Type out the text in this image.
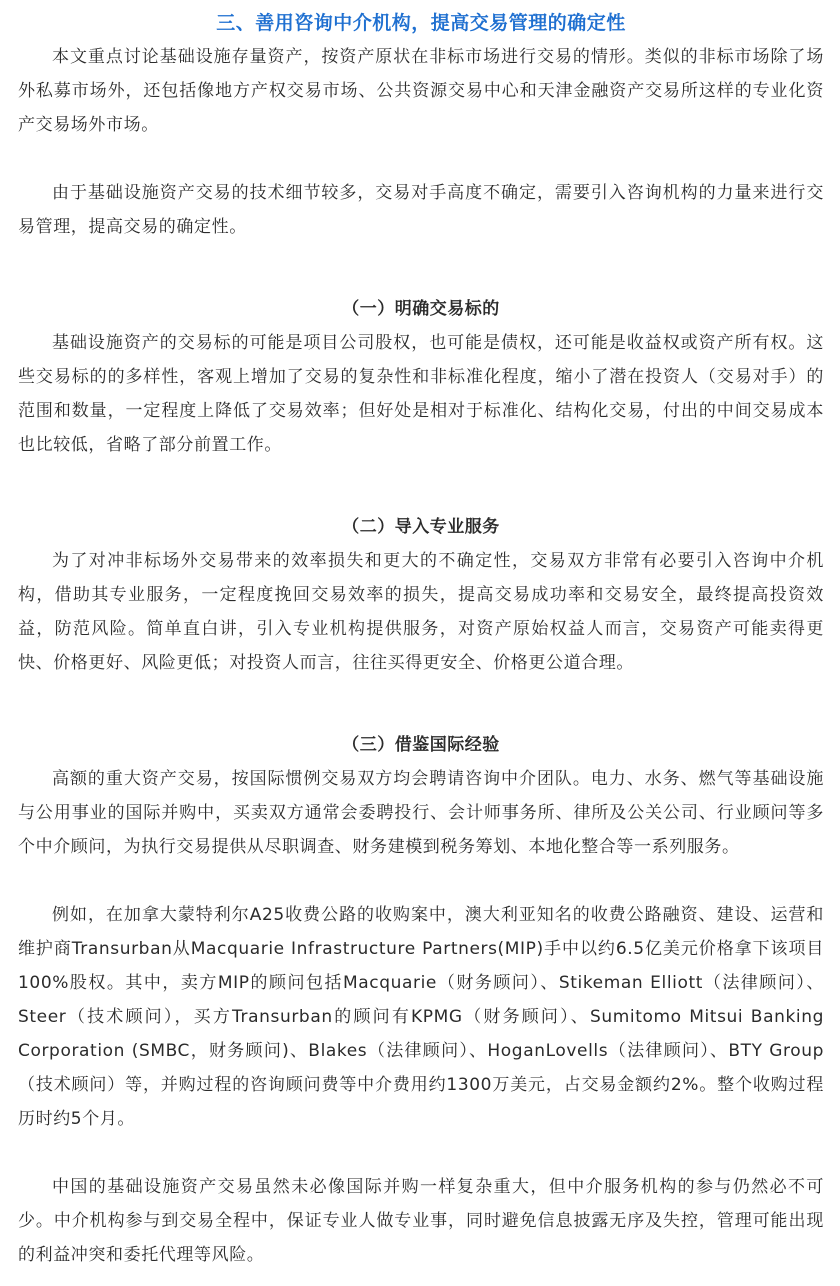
三、善用咨询中介机构，提高交易管理的确定性

本文重点讨论基础设施存量资产，按资产原状在非标市场进行交易的情形。类似的非标市场除了场外私募市场外，还包括像地方产权交易市场、公共资源交易中心和天津金融资产交易所这样的专业化资产交易场外市场。

由于基础设施资产交易的技术细节较多，交易对手高度不确定，需要引入咨询机构的力量来进行交易管理，提高交易的确定性。

（一）明确交易标的

基础设施资产的交易标的可能是项目公司股权，也可能是债权，还可能是收益权或资产所有权。这些交易标的的多样性，客观上增加了交易的复杂性和非标准化程度，缩小了潜在投资人（交易对手）的范围和数量，一定程度上降低了交易效率；但好处是相对于标准化、结构化交易，付出的中间交易成本也比较低，省略了部分前置工作。

（二）导入专业服务

为了对冲非标场外交易带来的效率损失和更大的不确定性，交易双方非常有必要引入咨询中介机构，借助其专业服务，一定程度挽回交易效率的损失，提高交易成功率和交易安全，最终提高投资效益，防范风险。简单直白讲，引入专业机构提供服务，对资产原始权益人而言，交易资产可能卖得更快、价格更好、风险更低；对投资人而言，往往买得更安全、价格更公道合理。

（三）借鉴国际经验

高额的重大资产交易，按国际惯例交易双方均会聘请咨询中介团队。电力、水务、燃气等基础设施与公用事业的国际并购中，买卖双方通常会委聘投行、会计师事务所、律所及公关公司、行业顾问等多个中介顾问，为执行交易提供从尽职调查、财务建模到税务筹划、本地化整合等一系列服务。

例如，在加拿大蒙特利尔A25收费公路的收购案中，澳大利亚知名的收费公路融资、建设、运营和维护商Transurban从Macquarie Infrastructure Partners(MIP)手中以约6.5亿美元价格拿下该项目100%股权。其中，卖方MIP的顾问包括Macquarie（财务顾问）、Stikeman Elliott（法律顾问）、Steer（技术顾问），买方Transurban的顾问有KPMG（财务顾问）、Sumitomo Mitsui Banking Corporation (SMBC，财务顾问)、Blakes（法律顾问）、HoganLovells（法律顾问）、BTY Group（技术顾问）等，并购过程的咨询顾问费等中介费用约1300万美元，占交易金额约2%。整个收购过程历时约5个月。

中国的基础设施资产交易虽然未必像国际并购一样复杂重大，但中介服务机构的参与仍然必不可少。中介机构参与到交易全程中，保证专业人做专业事，同时避免信息披露无序及失控，管理可能出现的利益冲突和委托代理等风险。
